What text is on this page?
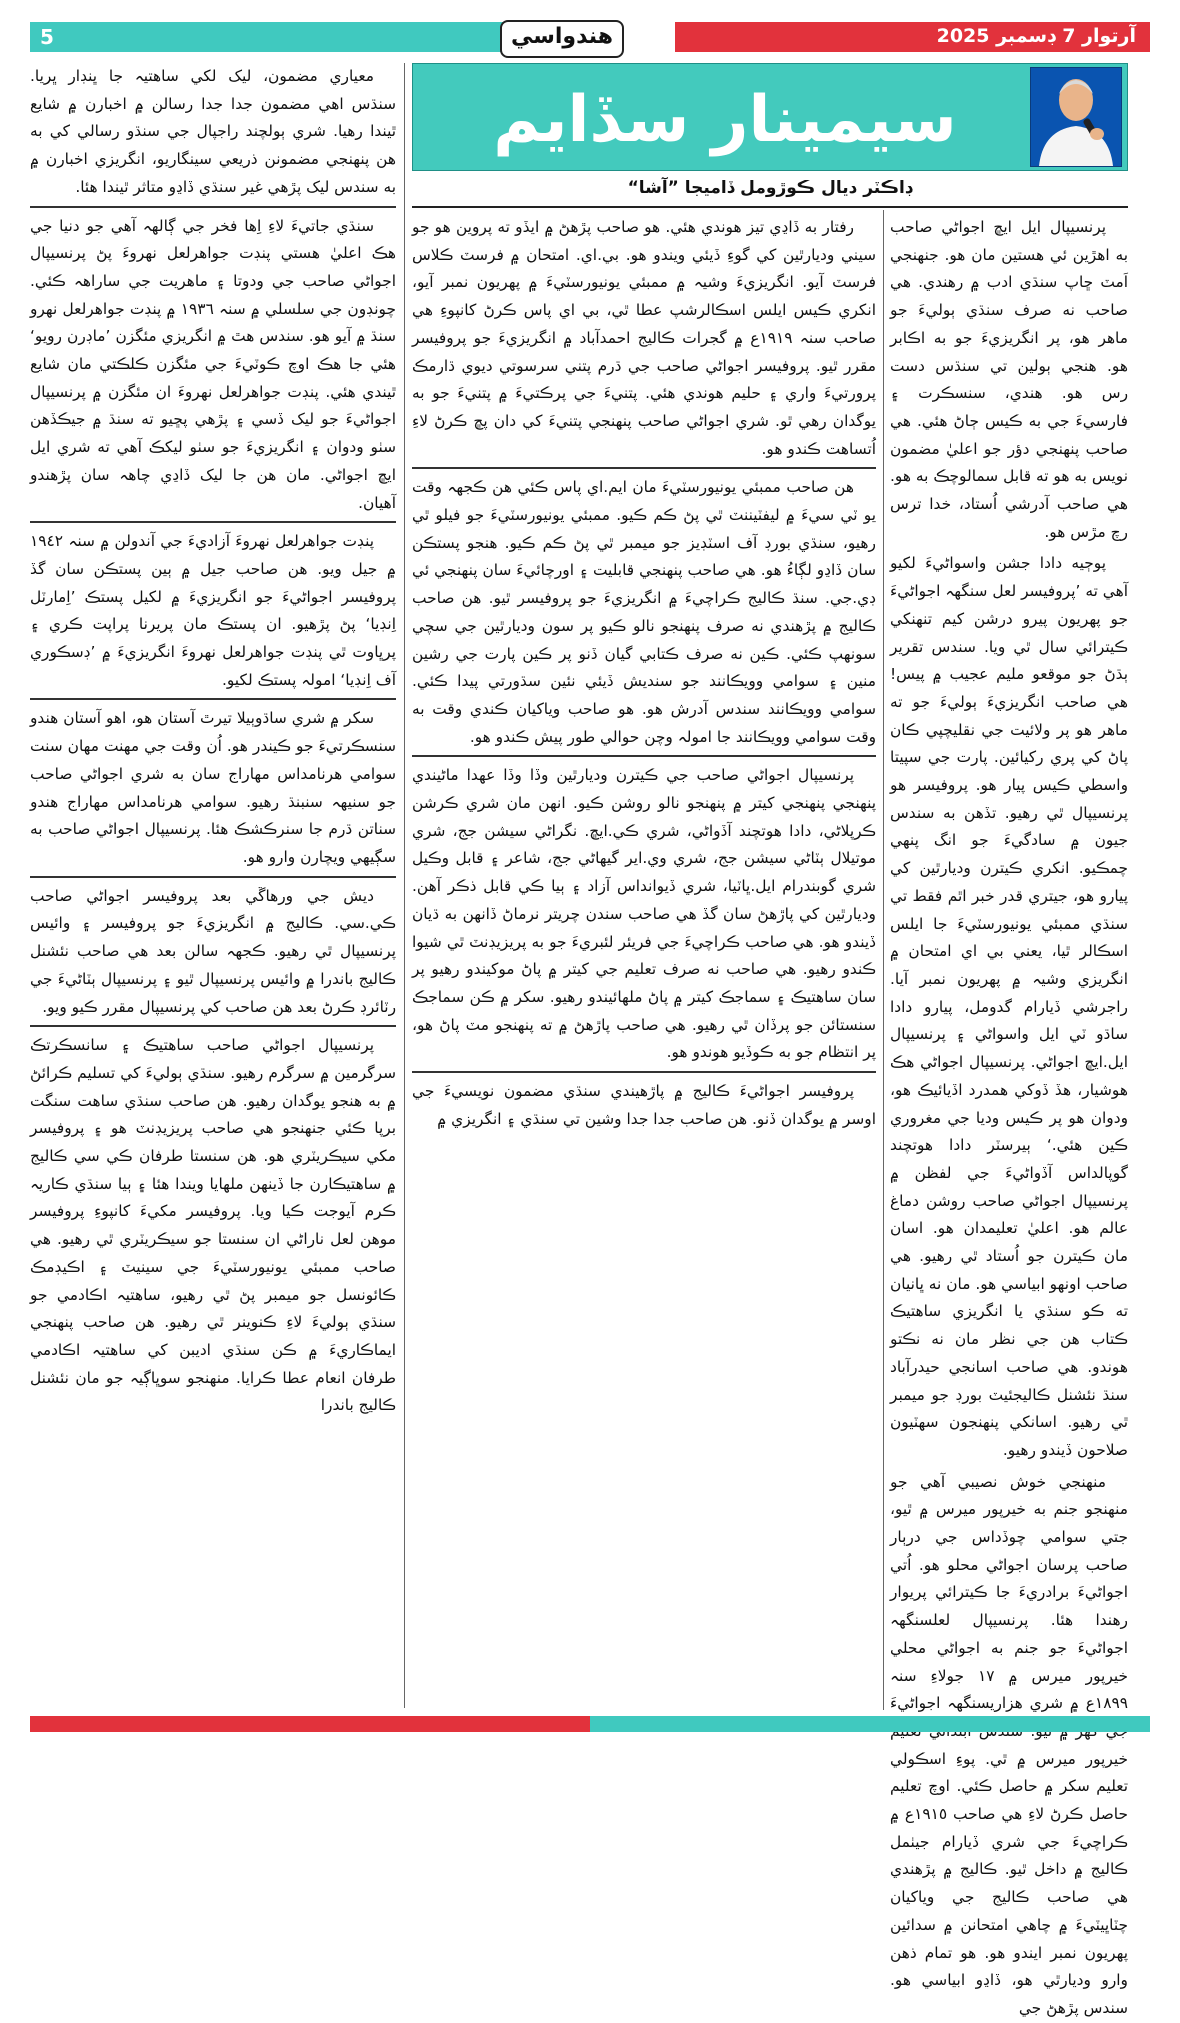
5	آرتوار 7 ڊسمبر 2025
هندواسي
سيمينار سڏايم
ڊاڪٽر ديال ڪوڙومل ڏاميجا ”آشا“

پرنسيپال ايل ايڇ اجواڻي صاحب به اهڙين ئي هستين مان هو. جنهنجي اَمٽ ڇاپ سنڌي ادب ۾ رهندي. هي صاحب نه صرف سنڌي ٻوليءَ جو ماهر هو، پر انگريزيءَ جو به اڪابر هو. هنجي ٻولين تي سنڌس دست رس هو. هندي، سنسڪرت ۽ فارسيءَ جي به ڪيس ڄاڻ هئي. هي صاحب پنهنجي دؤر جو اعليٰ مضمون نويس به هو ته قابل سمالوچڪ به هو. هي صاحب آدرشي اُستاد، خدا ترس رچ مڙس هو.

پوڄيه دادا جشن واسواڻيءَ لکيو آهي ته ’پروفيسر لعل سنگهہ اجواڻيءَ جو پهريون پيرو درشن کيم تنهنکي ڪيترائي سال ٿي ويا. سندس تقرير ٻڌڻ جو موقعو مليم عجيب ۾ پيس! هي صاحب انگريزيءَ ٻوليءَ جو ته ماهر هو پر ولائيت جي نقليچپي ڪان پاڻ کي پري رکيائين. پارت جي سپيتا واسطي ڪيس پيار هو. پروفيسر هو پرنسيپال ٿي رهيو. تڏهن به سندس جيون ۾ سادگيءَ جو انگ پنهي چمڪيو. انکري ڪيترن وديارٿين کي پيارو هو، جيتري قدر خبر اٿم فقط تي سنڌي ممبئي يونيورسٽيءَ جا ايلس اسڪالر ٿيا، يعني بي اي امتحان ۾ انگريزي وشيہ ۾ پهريون نمبر آيا. راجرشي ڏيارام گدومل، پيارو دادا ساڌو ٽي ايل واسواڻي ۽ پرنسيپال ايل.ايڇ اجواڻي. پرنسيپال اجواڻي هڪ هوشيار، هڏ ڏوکي همدرد اڏيائيڪ هو، ودوان هو پر ڪيس وديا جي مغروري ڪين هئي.‘ ٻيرسٽر دادا هوتچند گوپالداس آڏواڻيءَ جي لفظن ۾ پرنسيپال اجواڻي صاحب روشن دماغ عالم هو. اعليٰ تعليمدان هو. اسان مان ڪيترن جو اُستاد ٿي رهيو. هي صاحب اونهو ابياسي هو. مان نه ڀانيان ته ڪو سنڌي يا انگريزي ساهتيڪ ڪتاب هن جي نظر مان نه نڪتو هوندو. هي صاحب اسانجي حيدرآباد سنڌ نئشنل ڪاليجئيٽ بورڊ جو ميمبر ٿي رهيو. اسانکي پنهنجون سهٽيون صلاحون ڏيندو رهيو.

منهنجي خوش نصيبي آهي جو منهنجو جنم به خيرپور ميرس ۾ ٿيو، جتي سوامي چوڏداس جي درٻار صاحب پرسان اجواڻي محلو هو. اُتي اجواڻيءَ برادريءَ جا ڪيترائي پريوار رهندا هئا. پرنسيپال لعلسنگهہ اجواڻيءَ جو جنم به اجواڻي محلي خيرپور ميرس ۾ ١٧ جولاءِ سنہ ١٨٩٩ع ۾ شري هزاريسنگهہ اجواڻيءَ خيرپور ميرس ۾ ٿي. پوءِ اسڪولي تعليم سکر ۾ حاصل ڪئي. اوچ تعليم حاصل ڪرڻ لاءِ هي صاحب ١٩١٥ع ۾ ڪراچيءَ جي شري ڏيارام جيٺمل ڪاليج ۾ داخل ٿيو. ڪاليج ۾ پڙهندي هي صاحب ڪاليج جي وياکيان چٽاڀيٽيءَ ۾ چاهي امتحانن ۾ سدائين پهريون نمبر ايندو هو. هو تمام ذهن وارو وديارٿي هو، ڏاڍو ابياسي هو. سندس پڙهڻ جي

رفتار به ڏاڍي تيز هوندي هئي. هو صاحب پڙهڻ ۾ ايڏو ته پروين هو جو سيني وديارٿين کي گوءِ ڏيئي ويندو هو. بي.اي. امتحان ۾ فرسٽ ڪلاس فرسٽ آيو. انگريزيءَ وشيہ ۾ ممبئي يونيورسٽيءَ ۾ پهريون نمبر آيو، انکري ڪيس ايلس اسڪالرشپ عطا ٿي، بي اي پاس ڪرڻ کانپوءِ هي صاحب سنہ ١٩١٩ع ۾ گجرات ڪاليج احمدآباد ۾ انگريزيءَ جو پروفيسر مقرر ٿيو. پروفيسر اجواڻي صاحب جي ڌرم پتني سرسوتي ديوي ڌارمڪ پرورتيءَ واري ۽ حليم هوندي هئي. پتنيءَ جي پرڪتيءَ ۾ پتنيءَ جو به يوگدان رهي ٿو. شري اجواڻي صاحب پنهنجي پتنيءَ کي دان پڇ ڪرڻ لاءِ اُتساهت ڪندو هو.

هن صاحب ممبئي يونيورسٽيءَ مان ايم.اي پاس ڪئي هن ڪجهہ وقت يو ٽي سيءَ ۾ ليفٽيننٽ ٿي پڻ ڪم ڪيو. ممبئي يونيورسٽيءَ جو فيلو ٿي رهيو، سنڌي بورڊ آف اسٽڊيز جو ميمبر ٿي پڻ ڪم ڪيو. هنجو پستڪن سان ڏاڍو لڳاءُ هو. هي صاحب پنهنجي قابليت ۽ اورچائيءَ سان پنهنجي ئي ڊي.جي. سنڌ ڪاليج ڪراچيءَ ۾ انگريزيءَ جو پروفيسر ٿيو. هن صاحب ڪاليج ۾ پڙهندي نه صرف پنهنجو نالو ڪيو پر سون وديارٿين جي سچي سونهپ ڪئي. ڪين نه صرف ڪتابي گيان ڏنو پر ڪين پارت جي رشين منين ۽ سوامي وويڪانند جو سنديش ڏيئي نئين سڌورتي پيدا ڪئي. سوامي وويڪانند سندس آدرش هو. هو صاحب وياکيان ڪندي وقت به وقت سوامي وويڪانند جا امولہ وچن حوالي طور پيش ڪندو هو.

پرنسيپال اجواڻي صاحب جي ڪيترن وديارٿين وڏا وڏا عهدا ماڻيندي پنهنجي پنهنجي کيتر ۾ پنهنجو نالو روشن ڪيو. انهن مان شري ڪرشن ڪرپلاڻي، دادا هوتچند آڏواڻي، شري ڪي.ايڇ. نگراڻي سيشن جج، شري موتيلال ٻٽاڻي سيشن جج، شري وي.اير گيهاڻي جج، شاعر ۽ قابل وڪيل شري گوبندرام ايل.ڀاٽيا، شري ڏيوانداس آزاد ۽ ٻيا ڪي قابل ذڪر آهن. وديارٿين کي پاڙهڻ سان گڏ هي صاحب سندن چريتر نرماڻ ڏانهن به ڌيان ڏيندو هو. هي صاحب ڪراچيءَ جي فريئر لئبريءَ جو به پريزيڊنٽ ٿي شيوا ڪندو رهيو. هي صاحب نه صرف تعليم جي کيتر ۾ پاڻ موکيندو رهيو پر سان ساهتيڪ ۽ سماجڪ کيتر ۾ پاڻ ملهائيندو رهيو. سکر ۾ ڪن سماجڪ سنستائن جو پرڏان ٿي رهيو. هي صاحب پاڙهڻ ۾ ته پنهنجو مٽ پاڻ هو، پر انتظام جو به ڪوڏيو هوندو هو.

پروفيسر اجواڻيءَ ڪاليج ۾ پاڙهيندي سنڌي مضمون نويسيءَ جي اوسر ۾ يوگدان ڏنو. هن صاحب جدا جدا وشين تي سنڌي ۽ انگريزي ۾

معياري مضمون، ليک لکي ساهتيہ جا ڀنڊار ڀريا. سنڌس اهي مضمون جدا جدا رسالن ۾ اخبارن ۾ شايع ٿيندا رهيا. شري ٻولچند راجپال جي سنڌو رسالي کي به هن پنهنجي مضمونن ذريعي سينگاريو، انگريزي اخبارن ۾ به سندس ليک پڙهي غير سنڌي ڏاڍو متاثر ٿيندا هئا.

سنڌي جاتيءَ لاءِ اِها فخر جي ڳالهہ آهي جو دنيا جي هڪ اعليٰ هستي پنڊت جواهرلعل نهروءَ پڻ پرنسيپال اجواڻي صاحب جي ودوتا ۽ ماهريت جي ساراهہ ڪئي. چونڊون جي سلسلي ۾ سنہ ١٩٣٦ ۾ پنڊت جواهرلعل نهرو سنڌ ۾ آيو هو. سندس هٿ ۾ انگريزي مئگزن ’ماڊرن رويو‘ هئي جا هڪ اوچ ڪوٽيءَ جي مئگزن ڪلڪتي مان شايع ٿيندي هئي. پنڊت جواهرلعل نهروءَ ان مئگزن ۾ پرنسيپال اجواڻيءَ جو ليک ڏسي ۽ پڙهي پڇيو ته سنڌ ۾ جيڪڏهن سٺو ودوان ۽ انگريزيءَ جو سٺو ليکڪ آهي ته شري ايل ايڇ اجواڻي. مان هن جا ليک ڏاڍي چاهہ سان پڙهندو آهيان.

پنڊت جواهرلعل نهروءَ آزاديءَ جي آندولن ۾ سنہ ١٩٤٢ ۾ جيل ويو. هن صاحب جيل ۾ ٻين پستڪن سان گڏ پروفيسر اجواڻيءَ جو انگريزيءَ ۾ لکيل پستڪ ’اِمارٽل اِنڊيا‘ پڻ پڙهيو. ان پستڪ مان پريرنا پراپت ڪري ۽ پرڀاوت ٿي پنڊت جواهرلعل نهروءَ انگريزيءَ ۾ ’ڊسڪوري آف اِنڊيا‘ امولہ پستڪ لکيو.

سکر ۾ شري ساڌوٻيلا تيرٿ آستان هو، اهو آستان هندو سنسڪرتيءَ جو ڪيندر هو. اُن وقت جي مهنت مهان سنت سوامي هرنامداس مهاراج سان به شري اجواڻي صاحب جو سنيهہ سنبنڌ رهيو. سوامي هرنامداس مهاراج هندو سناتن ڌرم جا سنرڪشڪ هئا. پرنسيپال اجواڻي صاحب به سڳيهي ويچارن وارو هو.

ديش جي ورهاڱي بعد پروفيسر اجواڻي صاحب ڪي.سي. ڪاليج ۾ انگريزيءَ جو پروفيسر ۽ وائيس پرنسيپال ٿي رهيو. ڪجهہ سالن بعد هي صاحب نئشنل ڪاليج باندرا ۾ وائيس پرنسيپال ٿيو ۽ پرنسيپال ٻٽاڻيءَ جي رٽائرڊ ڪرڻ بعد هن صاحب کي پرنسيپال مقرر ڪيو ويو.

پرنسيپال اجواڻي صاحب ساهتيڪ ۽ سانسڪرتڪ سرگرمين ۾ سرگرم رهيو. سنڌي ٻوليءَ کي تسليم ڪرائڻ ۾ به هنجو يوگدان رهيو. هن صاحب سنڌي ساهت سنگت برپا ڪئي جنهنجو هي صاحب پريزيڊنٽ هو ۽ پروفيسر مکي سيڪريٽري هو. هن سنستا طرفان ڪي سي ڪاليج ۾ ساهتيڪارن جا ڏينهن ملهايا ويندا هئا ۽ ٻيا سنڌي ڪاريہ ڪرم آيوجت ڪيا ويا. پروفيسر مکيءَ کانپوءِ پروفيسر موهن لعل ناراڻي ان سنستا جو سيڪريٽري ٿي رهيو. هي صاحب ممبئي يونيورسٽيءَ جي سينيٽ ۽ اڪيڊمڪ ڪائونسل جو ميمبر پڻ ٿي رهيو، ساهتيہ اڪادمي جو سنڌي ٻوليءَ لاءِ ڪنوينر ٿي رهيو. هن صاحب پنهنجي ايماڪاريءَ ۾ ڪن سنڌي اديبن کي ساهتيہ اڪادمي طرفان انعام عطا ڪرايا. منهنجو سوڀاڳيہ جو مان نئشنل ڪاليج باندرا
